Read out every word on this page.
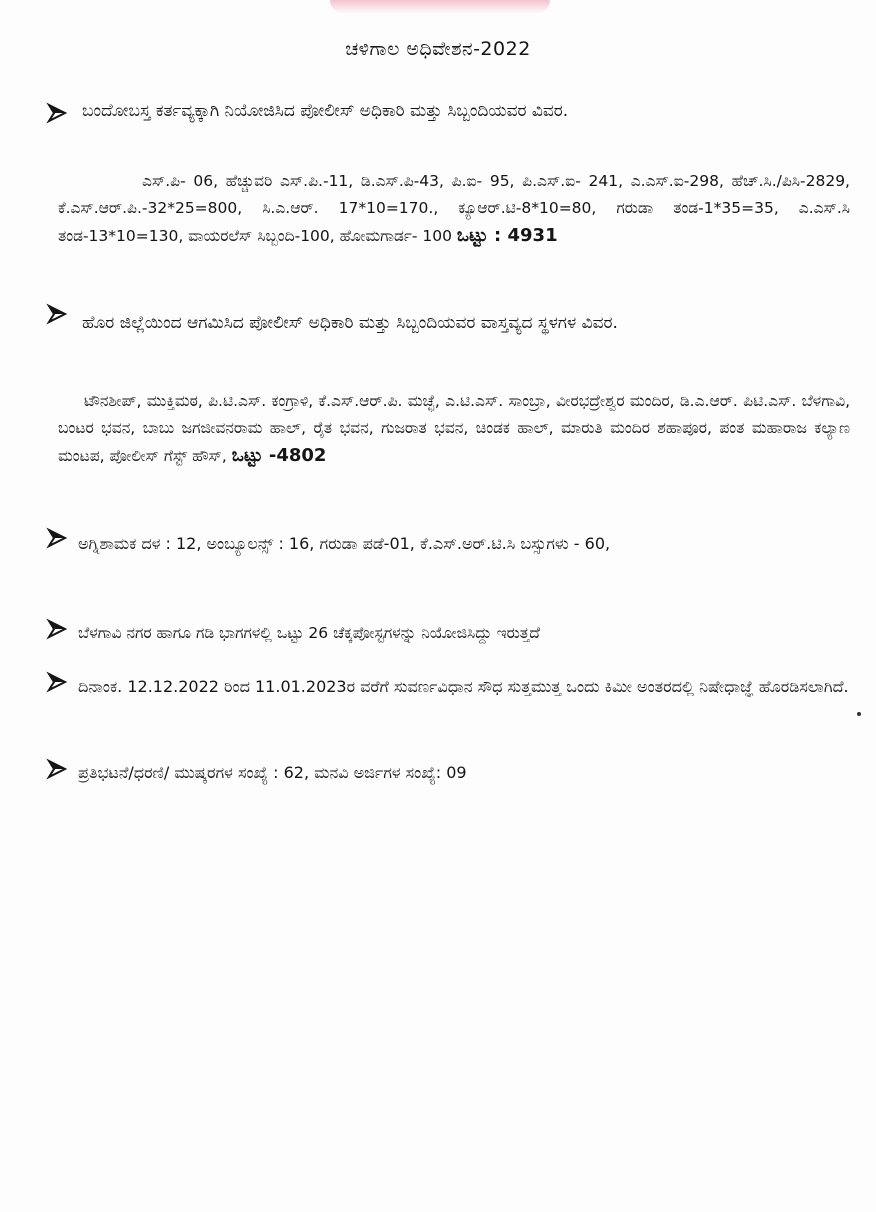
ಚಳಿಗಾಲ ಅಧಿವೇಶನ-2022
ಬಂದೋಬಸ್ತ ಕರ್ತವ್ಯಕ್ಕಾಗಿ ನಿಯೋಜಿಸಿದ ಪೋಲೀಸ್ ಅಧಿಕಾರಿ ಮತ್ತು ಸಿಬ್ಬಂದಿಯವರ ವಿವರ.
ಎಸ್.ಪಿ- 06, ಹೆಚ್ಚುವರಿ ಎಸ್.ಪಿ.-11, ಡಿ.ಎಸ್.ಪಿ-43, ಪಿ.ಐ- 95, ಪಿ.ಎಸ್.ಐ- 241, ಎ.ಎಸ್.ಐ-298, ಹೆಚ್.ಸಿ./ಪಿಸಿ-2829, ಕೆ.ಎಸ್.ಆರ್.ಪಿ.-32*25=800, ಸಿ.ಎ.ಆರ್. 17*10=170., ಕ್ಯೂಆರ್.ಟಿ-8*10=80, ಗರುಡಾ ತಂಡ-1*35=35, ಎ.ಎಸ್.ಸಿ ತಂಡ-13*10=130, ವಾಯರಲೆಸ್ ಸಿಬ್ಬಂದಿ-100, ಹೋಮಗಾರ್ಡ- 100 ಒಟ್ಟು : 4931
ಹೊರ ಜಿಲ್ಲೆಯಿಂದ ಆಗಮಿಸಿದ ಪೋಲೀಸ್ ಅಧಿಕಾರಿ ಮತ್ತು ಸಿಬ್ಬಂದಿಯವರ ವಾಸ್ತವ್ಯದ ಸ್ಥಳಗಳ ವಿವರ.
ಟೌನಶೀಪ್, ಮುಕ್ತಿಮಠ, ಪಿ.ಟಿ.ಎಸ್. ಕಂಗ್ರಾಳಿ, ಕೆ.ಎಸ್.ಆರ್.ಪಿ. ಮಚ್ಛೆ, ಎ.ಟಿ.ಎಸ್. ಸಾಂಬ್ರಾ, ವೀರಭದ್ರೇಶ್ವರ ಮಂದಿರ, ಡಿ.ಎ.ಆರ್. ಪಿಟಿ.ಎಸ್. ಬೆಳಗಾವಿ, ಬಂಟರ ಭವನ, ಬಾಬು ಜಗಜೀವನರಾಮ ಹಾಲ್, ರೈತ ಭವನ, ಗುಜರಾತ ಭವನ, ಚಿಂಡಕ ಹಾಲ್, ಮಾರುತಿ ಮಂದಿರ ಶಹಾಪೂರ, ಪಂತ ಮಹಾರಾಜ ಕಲ್ಯಾಣ ಮಂಟಪ, ಪೋಲೀಸ್ ಗೆಸ್ಟ್ ಹೌಸ್, ಒಟ್ಟು -4802
ಅಗ್ನಿಶಾಮಕ ದಳ : 12, ಅಂಬ್ಯೂಲನ್ಸ್ : 16, ಗರುಡಾ ಪಡೆ-01, ಕೆ.ಎಸ್.ಅರ್.ಟಿ.ಸಿ ಬಸ್ಸುಗಳು - 60,
ಬೆಳಗಾವಿ ನಗರ ಹಾಗೂ ಗಡಿ ಭಾಗಗಳಲ್ಲಿ ಒಟ್ಟು 26 ಚೆಕ್ಕಪೋಸ್ಟಗಳನ್ನು ನಿಯೋಜಿಸಿದ್ದು ಇರುತ್ತದೆ
ದಿನಾಂಕ. 12.12.2022 ರಿಂದ 11.01.2023ರ ವರೆಗೆ ಸುವರ್ಣವಿಧಾನ ಸೌಧ ಸುತ್ತಮುತ್ತ ಒಂದು ಕಿಮೀ ಅಂತರದಲ್ಲಿ ನಿಷೇಧಾಜ್ಞೆ ಹೊರಡಿಸಲಾಗಿದೆ.
ಪ್ರತಿಭಟನೆ/ಧರಣಿ/ ಮುಷ್ಕರಗಳ ಸಂಖ್ಯೆ : 62, ಮನವಿ ಅರ್ಜಿಗಳ ಸಂಖ್ಯೆ: 09
